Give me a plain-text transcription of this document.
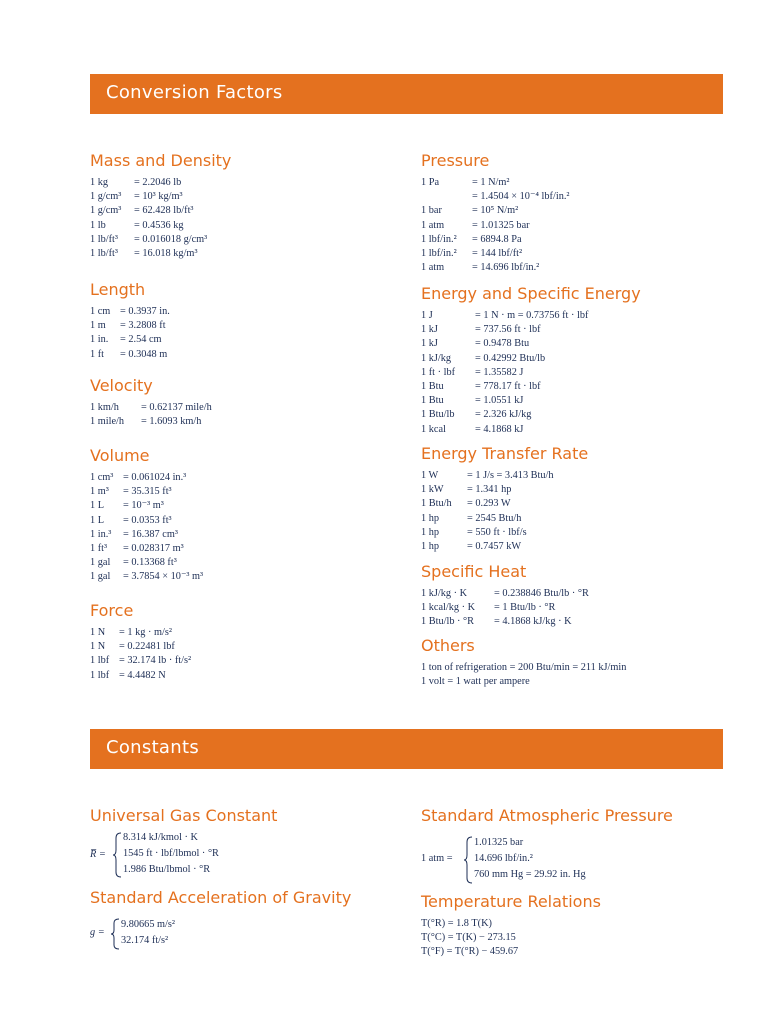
Conversion Factors
Mass and Density
1 kg	= 2.2046 lb
1 g/cm³ = 10³ kg/m³
1 g/cm³ = 62.428 lb/ft³
1 lb	= 0.4536 kg
1 lb/ft³ = 0.016018 g/cm³
1 lb/ft³ = 16.018 kg/m³
Length
1 cm = 0.3937 in.
1 m = 3.2808 ft
1 in. = 2.54 cm
1 ft = 0.3048 m
Velocity
1 km/h = 0.62137 mile/h
1 mile/h = 1.6093 km/h
Volume
1 cm³ = 0.061024 in.³
1 m³ = 35.315 ft³
1 L = 10⁻³ m³
1 L = 0.0353 ft³
1 in.³ = 16.387 cm³
1 ft³ = 0.028317 m³
1 gal = 0.13368 ft³
1 gal = 3.7854 × 10⁻³ m³
Force
1 N = 1 kg · m/s²
1 N = 0.22481 lbf
1 lbf = 32.174 lb · ft/s²
1 lbf = 4.4482 N
Pressure
1 Pa	= 1 N/m²
= 1.4504 × 10⁻⁴ lbf/in.²
1 bar	= 10⁵ N/m²
1 atm	= 1.01325 bar
1 lbf/in.² = 6894.8 Pa
1 lbf/in.² = 144 lbf/ft²
1 atm	= 14.696 lbf/in.²
Energy and Specific Energy
1 J	= 1 N · m = 0.73756 ft · lbf
1 kJ	= 737.56 ft · lbf
1 kJ	= 0.9478 Btu
1 kJ/kg = 0.42992 Btu/lb
1 ft · lbf = 1.35582 J
1 Btu	= 778.17 ft · lbf
1 Btu	= 1.0551 kJ
1 Btu/lb = 2.326 kJ/kg
1 kcal	= 4.1868 kJ
Energy Transfer Rate
1 W	= 1 J/s = 3.413 Btu/h
1 kW = 1.341 hp
1 Btu/h = 0.293 W
1 hp	= 2545 Btu/h
1 hp	= 550 ft · lbf/s
1 hp	= 0.7457 kW
Specific Heat
1 kJ/kg · K	= 0.238846 Btu/lb · °R
1 kcal/kg · K = 1 Btu/lb · °R
1 Btu/lb · °R = 4.1868 kJ/kg · K
Others
1 ton of refrigeration = 200 Btu/min = 211 kJ/min
1 volt = 1 watt per ampere
Constants
Universal Gas Constant
R̅ =
8.314 kJ/kmol · K
1545 ft · lbf/lbmol · °R
1.986 Btu/lbmol · °R
Standard Acceleration of Gravity
g =
9.80665 m/s²
32.174 ft/s²
Standard Atmospheric Pressure
1 atm =
1.01325 bar
14.696 lbf/in.²
760 mm Hg = 29.92 in. Hg
Temperature Relations
T(°R) = 1.8 T(K)
T(°C) = T(K) − 273.15
T(°F) = T(°R) − 459.67
